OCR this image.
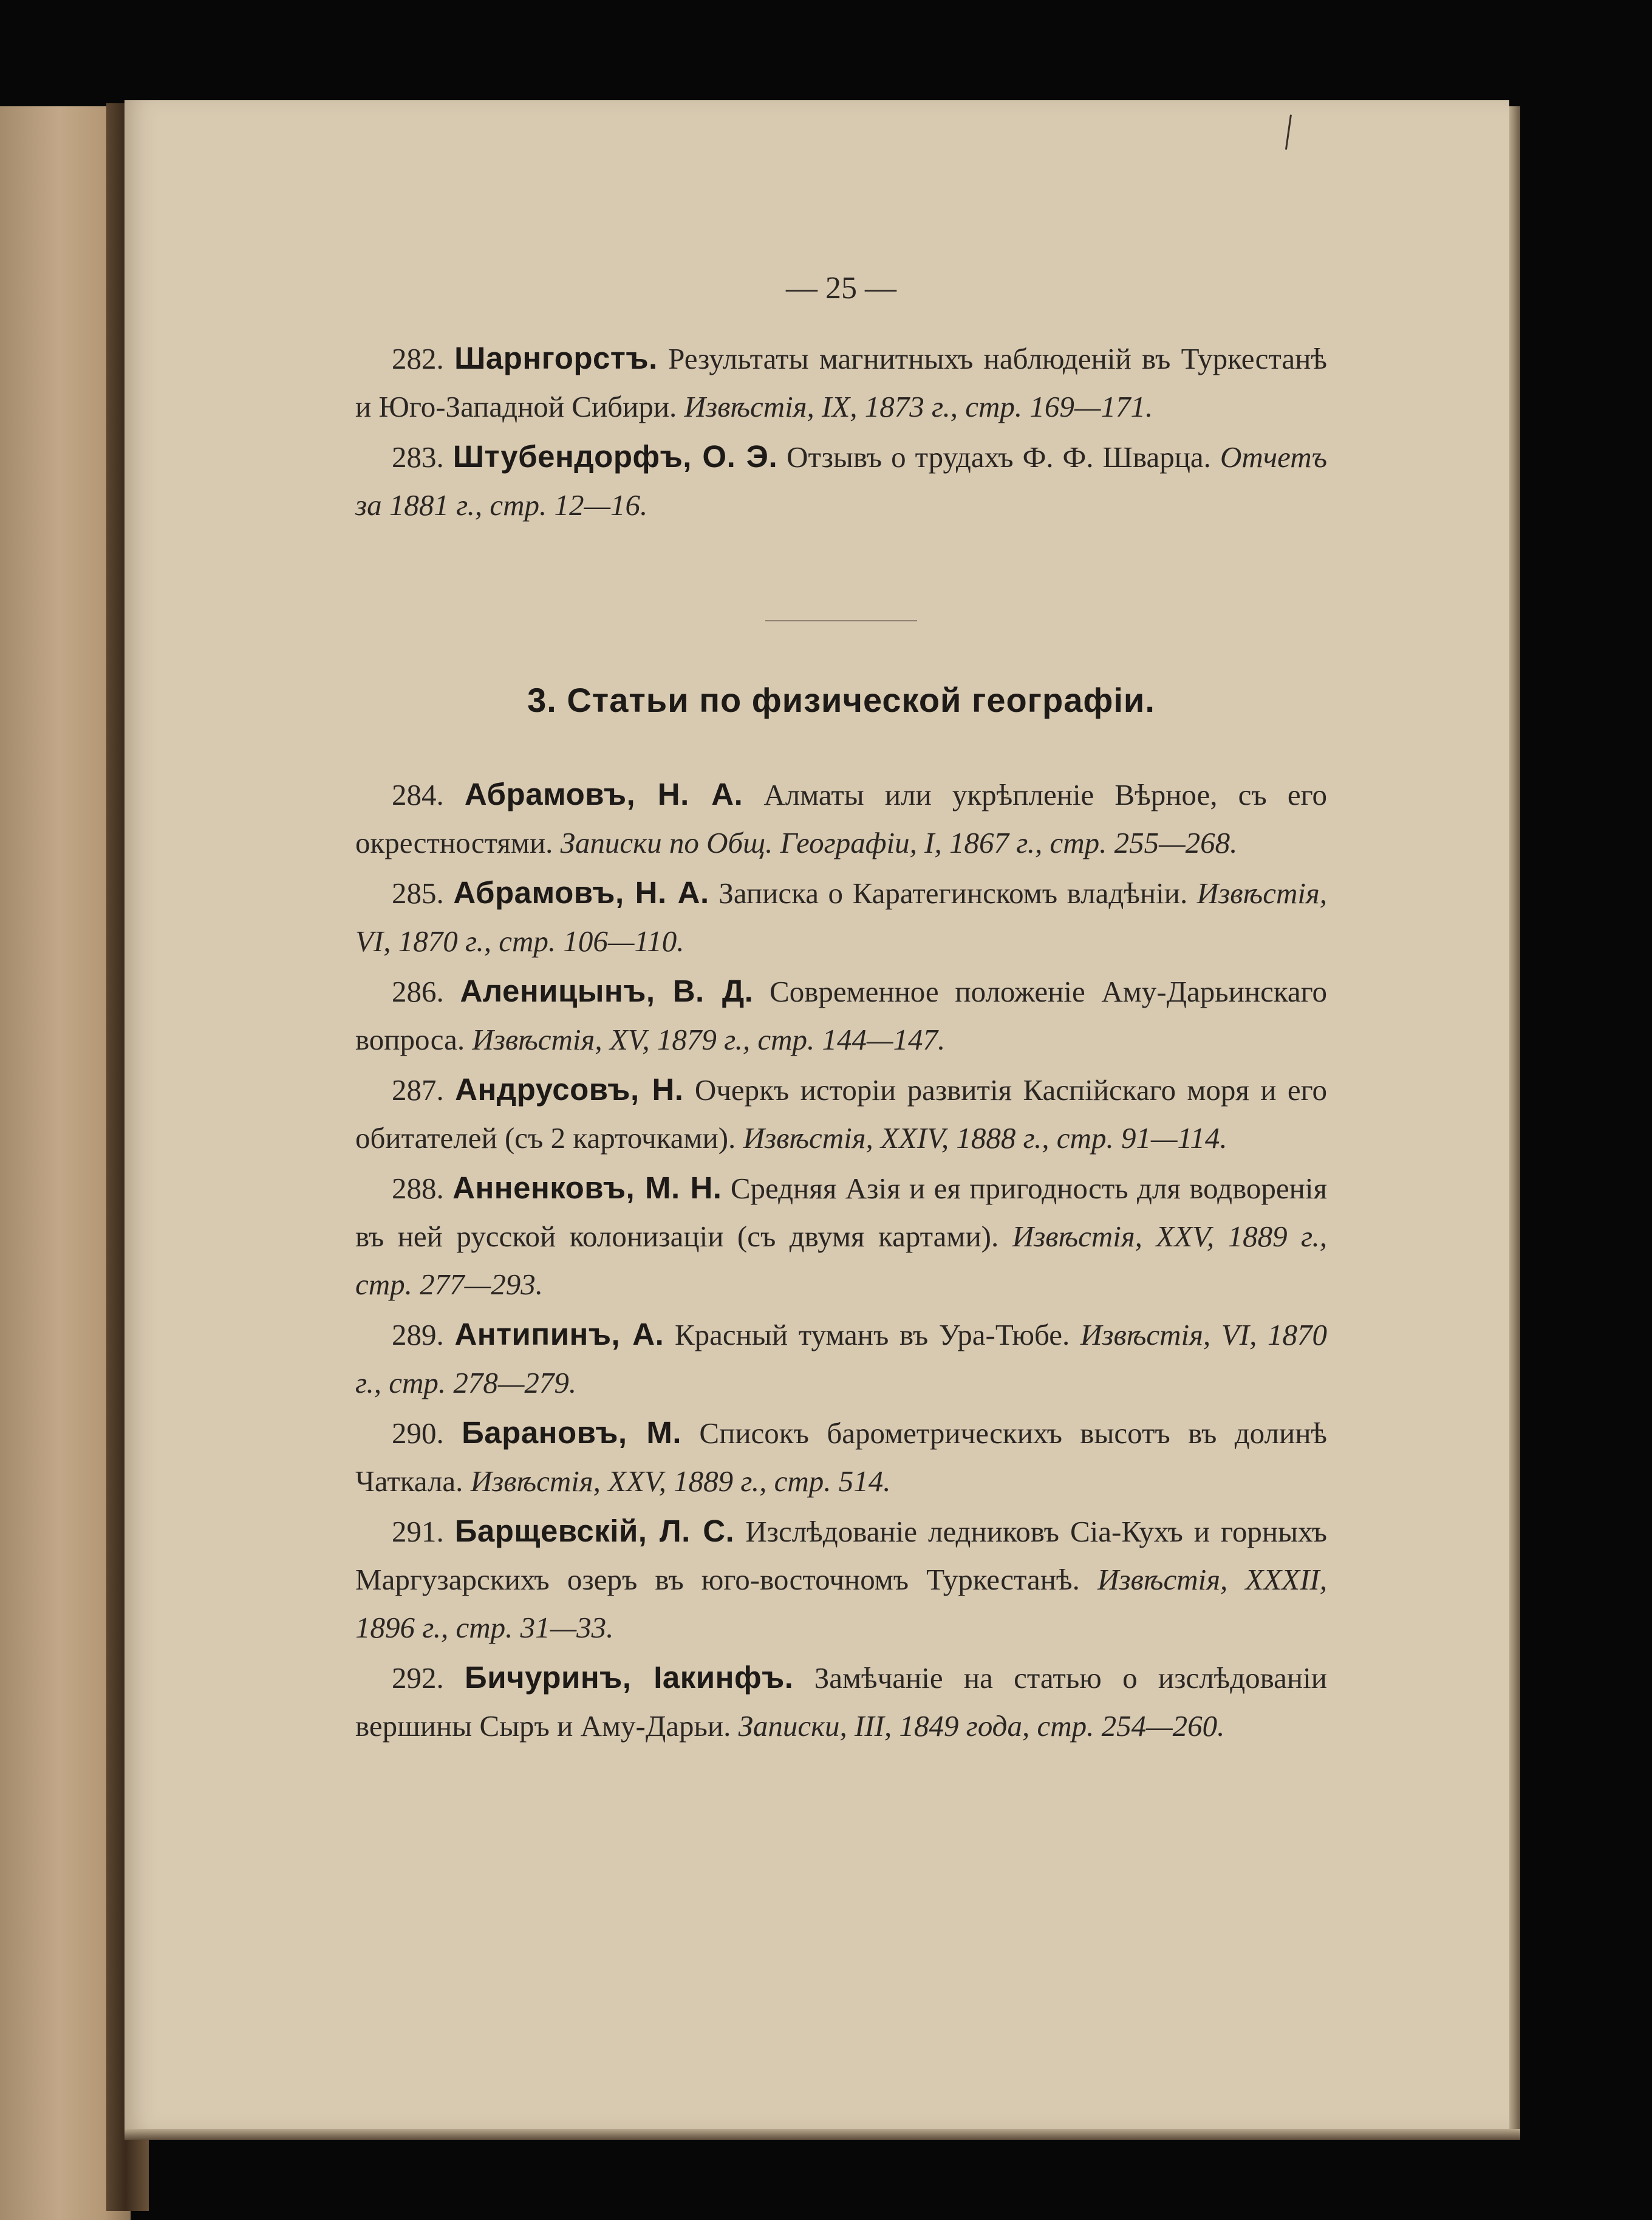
— 25 —

282. Шарнгорстъ. Результаты магнитныхъ наблюденій въ Туркестанѣ и Юго-Западной Сибири. Извѣстія, IX, 1873 г., стр. 169—171.

283. Штубендорфъ, О. Э. Отзывъ о трудахъ Ф. Ф. Шварца. Отчетъ за 1881 г., стр. 12—16.

3. Статьи по физической географіи.

284. Абрамовъ, Н. А. Алматы или укрѣпленіе Вѣрное, съ его окрестностями. Записки по Общ. Географіи, I, 1867 г., стр. 255—268.

285. Абрамовъ, Н. А. Записка о Каратегинскомъ владѣніи. Извѣстія, VI, 1870 г., стр. 106—110.

286. Аленицынъ, В. Д. Современное положеніе Аму-Дарьинскаго вопроса. Извѣстія, XV, 1879 г., стр. 144—147.

287. Андрусовъ, Н. Очеркъ исторіи развитія Каспійскаго моря и его обитателей (съ 2 карточками). Извѣстія, XXIV, 1888 г., стр. 91—114.

288. Анненковъ, М. Н. Средняя Азія и ея пригодность для водворенія въ ней русской колонизаціи (съ двумя картами). Извѣстія, XXV, 1889 г., стр. 277—293.

289. Антипинъ, А. Красный туманъ въ Ура-Тюбе. Извѣстія, VI, 1870 г., стр. 278—279.

290. Барановъ, М. Списокъ барометрическихъ высотъ въ долинѣ Чаткала. Извѣстія, XXV, 1889 г., стр. 514.

291. Барщевскій, Л. С. Изслѣдованіе ледниковъ Сіа-Кухъ и горныхъ Маргузарскихъ озеръ въ юго-восточномъ Туркестанѣ. Извѣстія, XXXII, 1896 г., стр. 31—33.

292. Бичуринъ, Іакинфъ. Замѣчаніе на статью о изслѣдованіи вершины Сыръ и Аму-Дарьи. Записки, III, 1849 года, стр. 254—260.
